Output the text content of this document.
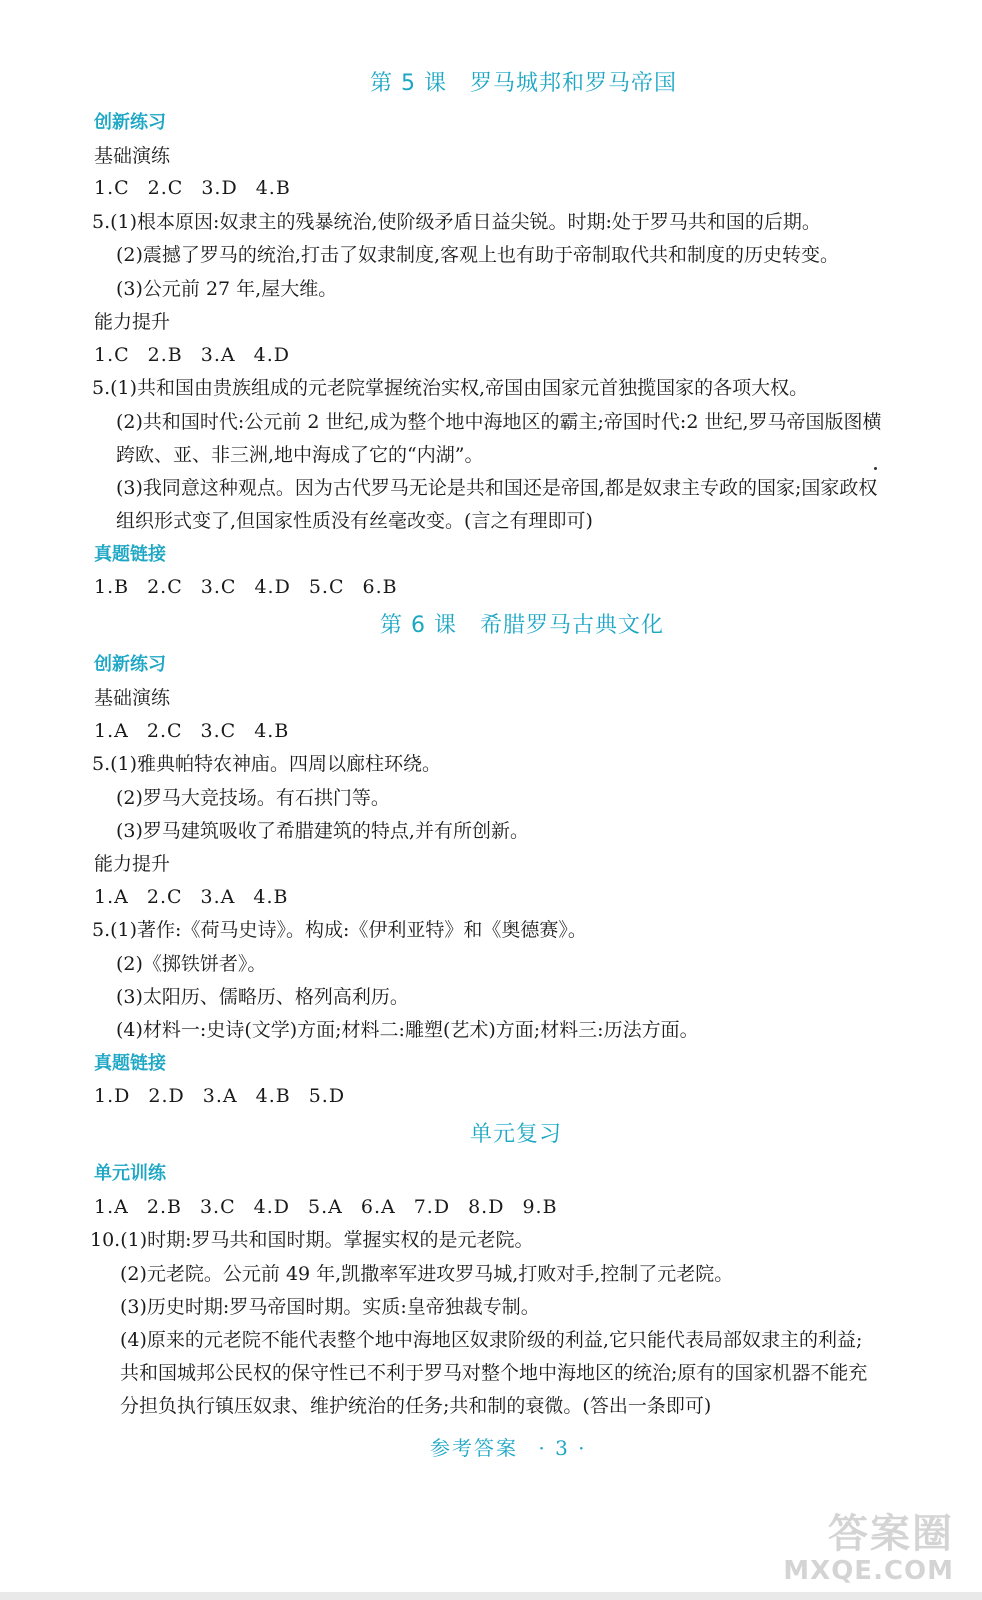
第 5 课　罗马城邦和罗马帝国
创新练习
基础演练
1.C 2.C 3.D 4.B
5.(1)根本原因:奴隶主的残暴统治,使阶级矛盾日益尖锐。时期:处于罗马共和国的后期。
(2)震撼了罗马的统治,打击了奴隶制度,客观上也有助于帝制取代共和制度的历史转变。
(3)公元前 27 年,屋大维。
能力提升
1.C 2.B 3.A 4.D
5.(1)共和国由贵族组成的元老院掌握统治实权,帝国由国家元首独揽国家的各项大权。
(2)共和国时代:公元前 2 世纪,成为整个地中海地区的霸主;帝国时代:2 世纪,罗马帝国版图横
跨欧、亚、非三洲,地中海成了它的“内湖”。
(3)我同意这种观点。因为古代罗马无论是共和国还是帝国,都是奴隶主专政的国家;国家政权
组织形式变了,但国家性质没有丝毫改变。(言之有理即可)
真题链接
1.B 2.C 3.C 4.D 5.C 6.B
第 6 课　希腊罗马古典文化
创新练习
基础演练
1.A 2.C 3.C 4.B
5.(1)雅典帕特农神庙。四周以廊柱环绕。
(2)罗马大竞技场。有石拱门等。
(3)罗马建筑吸收了希腊建筑的特点,并有所创新。
能力提升
1.A 2.C 3.A 4.B
5.(1)著作:《荷马史诗》。构成:《伊利亚特》和《奥德赛》。
(2)《掷铁饼者》。
(3)太阳历、儒略历、格列高利历。
(4)材料一:史诗(文学)方面;材料二:雕塑(艺术)方面;材料三:历法方面。
真题链接
1.D 2.D 3.A 4.B 5.D
单元复习
单元训练
1.A 2.B 3.C 4.D 5.A 6.A 7.D 8.D 9.B
10.(1)时期:罗马共和国时期。掌握实权的是元老院。
(2)元老院。公元前 49 年,凯撒率军进攻罗马城,打败对手,控制了元老院。
(3)历史时期:罗马帝国时期。实质:皇帝独裁专制。
(4)原来的元老院不能代表整个地中海地区奴隶阶级的利益,它只能代表局部奴隶主的利益;
共和国城邦公民权的保守性已不利于罗马对整个地中海地区的统治;原有的国家机器不能充
分担负执行镇压奴隶、维护统治的任务;共和制的衰微。(答出一条即可)
参考答案 · 3 ·
答案圈
MXQE.COM
